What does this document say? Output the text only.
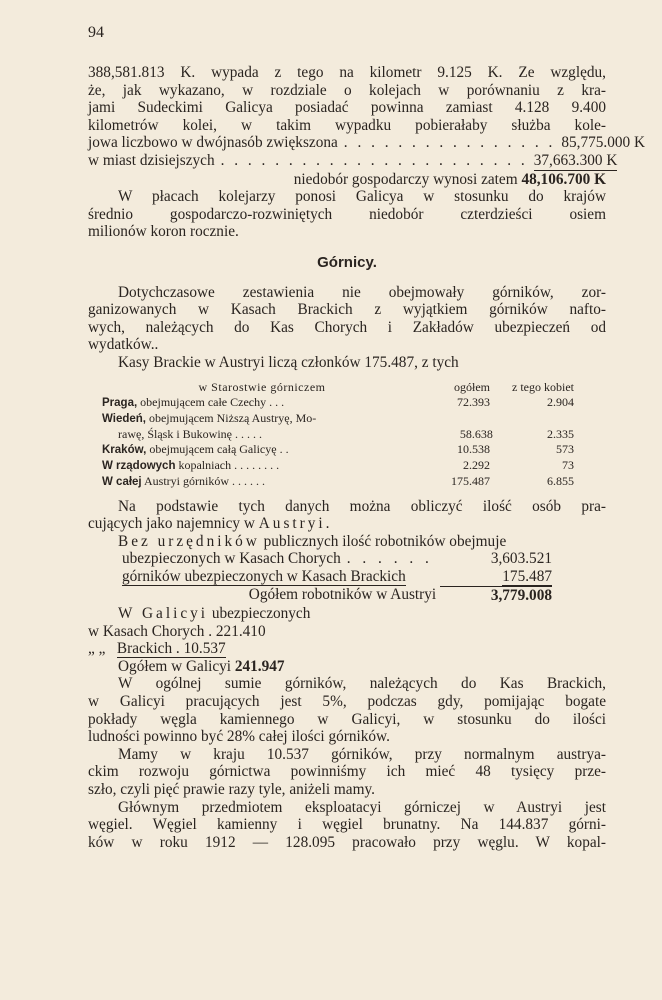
94
388,581.813 K. wypada z tego na kilometr 9.125 K. Ze względu,
że, jak wykazano, w rozdziale o kolejach w porównaniu z kra-
jami Sudeckimi Galicya posiadać powinna zamiast 4.128 9.400
kilometrów kolei, w takim wypadku pobierałaby służba kole-
jowa liczbowo w dwójnasób zwiększona . . . . . . . . . . . . . . . . 85,775.000 K
w miast dzisiejszych . . . . . . . . . . . . . . . . . . . . . . . 37,663.300 K
niedobór gospodarczy wynosi zatem 48,106.700 K
W płacach kolejarzy ponosi Galicya w stosunku do krajów
średnio gospodarczo-rozwiniętych niedobór czterdzieści osiem
milionów koron rocznie.
Górnicy.
Dotychczasowe zestawienia nie obejmowały górników, zor-
ganizowanych w Kasach Brackich z wyjątkiem górników nafto-
wych, należących do Kas Chorych i Zakładów ubezpieczeń od
wydatków..
Kasy Brackie w Austryi liczą członków 175.487, z tych
w Starostwie górniczem	ogółem	z tego kobiet
Praga, obejmującem całe Czechy . . .	72.393	2.904
Wiedeń, obejmującem Niższą Austryę, Mo-
rawę, Śląsk i Bukowinę . . . . .	58.638	2.335
Kraków, obejmującem całą Galicyę . .	10.538	573
W rządowych kopalniach . . . . . . . .	2.292	73
W całej Austryi górników . . . . . .	175.487	6.855
Na podstawie tych danych można obliczyć ilość osób pra-
cujących jako najemnicy w Austryi.
Bez urzędników publicznych ilość robotników obejmuje
ubezpieczonych w Kasach Chorych . . . . . .	3,603.521
górników ubezpieczonych w Kasach Brackich	175.487
Ogółem robotników w Austryi
	3,779.008
W Galicyi ubezpieczonych
w Kasach Chorych . 221.410
„ „ Brackich . 10.537
Ogółem w Galicyi 241.947
W ogólnej sumie górników, należących do Kas Brackich,
w Galicyi pracujących jest 5%, podczas gdy, pomijając bogate
pokłady węgla kamiennego w Galicyi, w stosunku do ilości
ludności powinno być 28% całej ilości górników.
Mamy w kraju 10.537 górników, przy normalnym austrya-
ckim rozwoju górnictwa powinniśmy ich mieć 48 tysięcy prze-
szło, czyli pięć prawie razy tyle, aniżeli mamy.
Głównym przedmiotem eksploatacyi górniczej w Austryi jest
węgiel. Węgiel kamienny i węgiel brunatny. Na 144.837 górni-
ków w roku 1912 — 128.095 pracowało przy węglu. W kopal-
